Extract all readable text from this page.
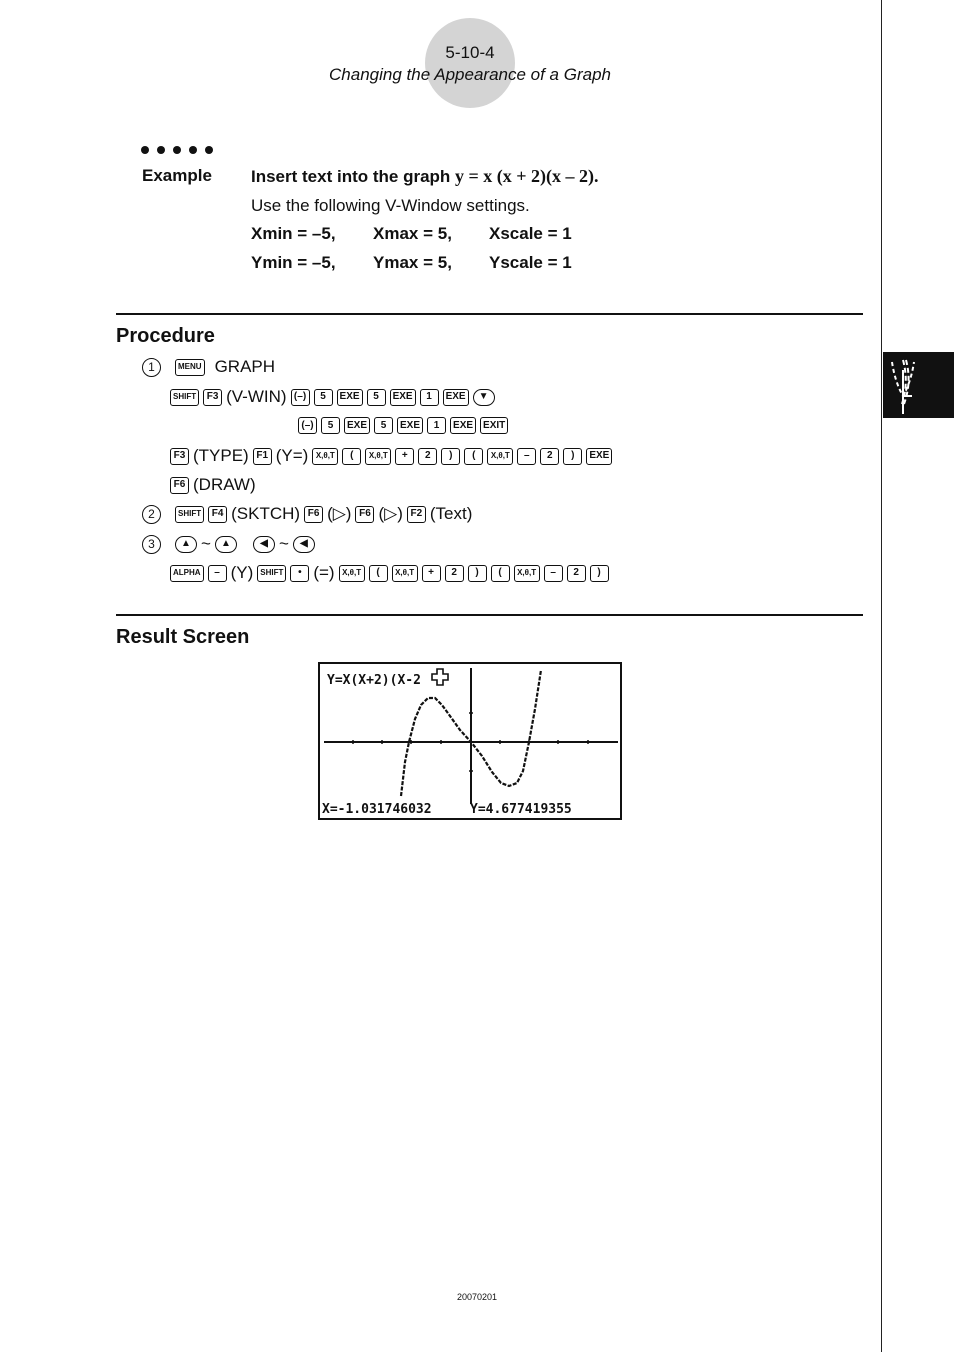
5-10-4
Changing the Appearance of a Graph
Example Insert text into the graph y = x (x + 2)(x – 2).
Use the following V-Window settings.
Xmin = –5, Xmax = 5, Xscale = 1
Ymin = –5, Ymax = 5, Yscale = 1
Procedure
1	MENU GRAPH
SHIFT	F3 (V-WIN) (–)	5	EXE	5	EXE	1	EXE	▼
(–)	5	EXE	5	EXE	1	EXE	EXIT
F3 (TYPE) F1 (Y=) X,θ,T	(	X,θ,T	+	2	)	(	X,θ,T	–	2	)	EXE
F6 (DRAW)
2	SHIFT	F4 (SKTCH) F6 (▷) F6 (▷) F2 (Text)
3	▲ ~	▲	◀ ~	◀
ALPHA	– (Y) SHIFT	• (=) X,θ,T	(	X,θ,T	+	2	)	(	X,θ,T	–	2	)
Result Screen
Y=X(X+2)(X-2
X=-1.031746032	Y=4.677419355
20070201
